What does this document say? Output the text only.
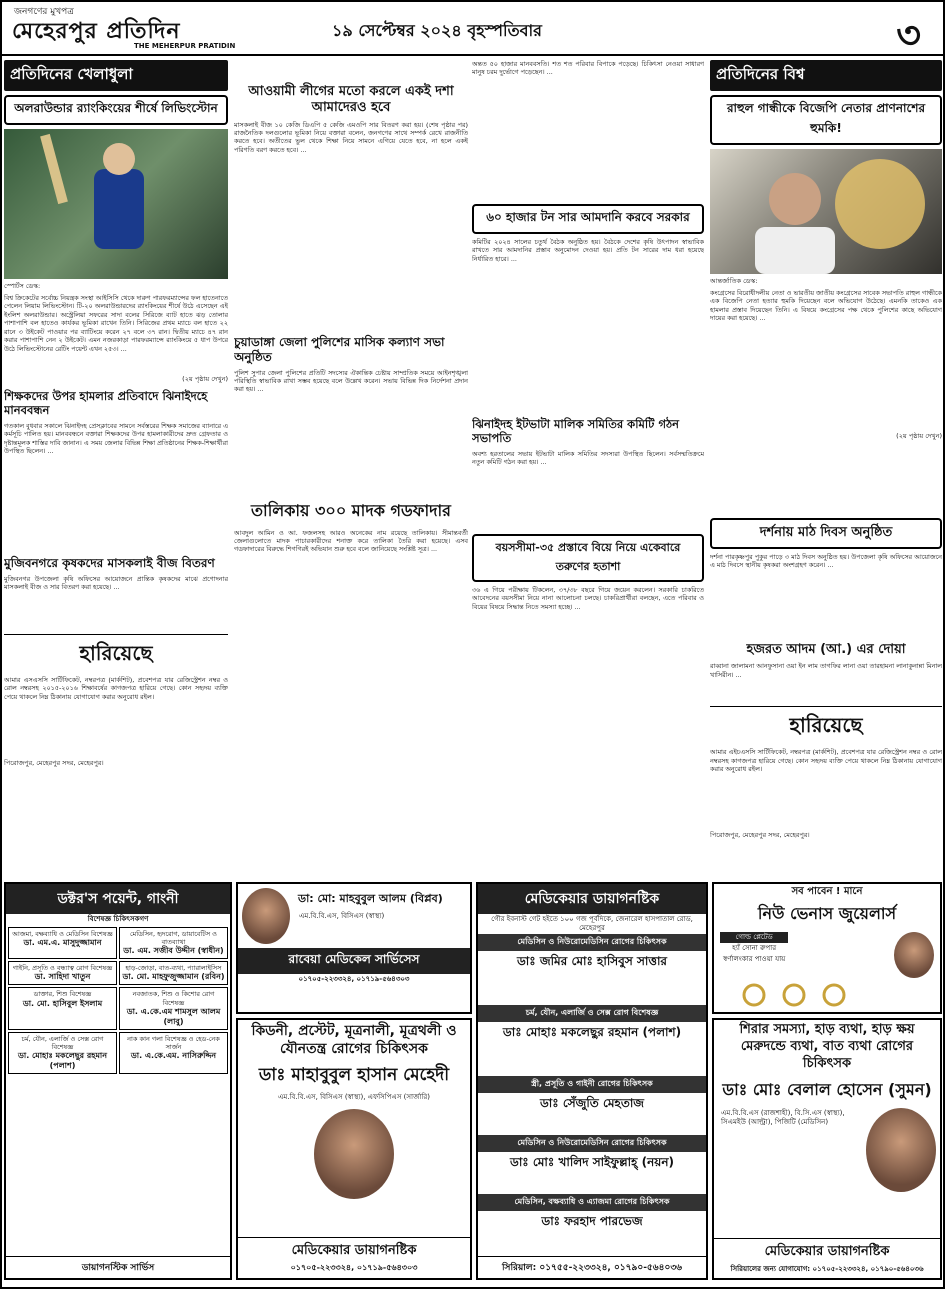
জনগণের মুখপত্র
মেহেরপুর প্রতিদিন
THE MEHERPUR PRATIDIN
১৯ সেপ্টেম্বর ২০২৪ বৃহস্পতিবার	৩
প্রতিদিনের খেলাধুলা
অলরাউন্ডার র‍্যাংকিংয়ের শীর্ষে লিভিংস্টোন
স্পোর্টস ডেস্ক:
বিশ্ব ক্রিকেটের সর্বোচ্চ নিয়ন্ত্রক সংস্থা আইসিসি থেকে দারুণ পারফরম্যান্সের ফল হাতেনাতে পেলেন লিয়াম লিভিংস্টোন। টি-২০ অলরাউন্ডারদের র‍্যাংকিংয়ের শীর্ষে উঠে এসেছেন এই ইংলিশ অলরাউন্ডার। অস্ট্রেলিয়া সফরের সাদা বলের সিরিজে ব্যাট হাতে ঝড় তোলার পাশাপাশি বল হাতেও কার্যকর ভূমিকা রাখেন তিনি। সিরিজের প্রথম ম্যাচে বল হাতে ২২ রানে ৩ উইকেট পাওয়ার পর ব্যাটিংয়ে করেন ২৭ বলে ৩৭ রান। দ্বিতীয় ম্যাচে ৪৭ রান করার পাশাপাশি নেন ২ উইকেট। এমন নজরকাড়া পারফরম্যান্সে র‍্যাংকিংয়ে ৫ ধাপ উপরে উঠে লিভিংস্টোনের রেটিং পয়েন্ট এখন ২৫৩। ...
(২য় পৃষ্ঠায় দেখুন)
শিক্ষকদের উপর হামলার প্রতিবাদে ঝিনাইদহে মানববন্ধন
গতকাল বুধবার সকালে ঝিনাইদহ প্রেসক্লাবের সামনে সর্বস্তরের শিক্ষক সমাজের ব্যানারে এ কর্মসূচি পালিত হয়। মানববন্ধনে বক্তারা শিক্ষকদের উপর হামলাকারীদের দ্রুত গ্রেফতার ও দৃষ্টান্তমূলক শাস্তির দাবি জানান। এ সময় জেলার বিভিন্ন শিক্ষা প্রতিষ্ঠানের শিক্ষক-শিক্ষার্থীরা উপস্থিত ছিলেন। ...
মুজিবনগরে কৃষকদের মাসকলাই বীজ বিতরণ
মুজিবনগর উপজেলা কৃষি অফিসের আয়োজনে প্রান্তিক কৃষকদের মাঝে প্রণোদনার মাসকলাই বীজ ও সার বিতরণ করা হয়েছে। ...
হারিয়েছে
আমার এসএসসি সার্টিফিকেট, নম্বরপত্র (মার্কশিট), প্রবেশপত্র যার রেজিস্ট্রেশন নম্বর ও রোল নম্বরসহ ২০১৫-২০১৬ শিক্ষাবর্ষের কাগজপত্র হারিয়ে গেছে। কোন সহৃদয় ব্যক্তি পেয়ে থাকলে নিম্ন ঠিকানায় যোগাযোগ করার অনুরোধ রইল।
পিরোজপুর, মেহেরপুর সদর, মেহেরপুর।
আওয়ামী লীগের মতো করলে একই দশা আমাদেরও হবে
মাসকলাই বীজ ১০ কেজি ডিএপি ৫ কেজি এমওপি সার বিতরণ করা হয়। (শেষ পৃষ্ঠার পর) রাজনৈতিক দলগুলোর ভূমিকা নিয়ে বক্তারা বলেন, জনগণের সাথে সম্পর্ক রেখে রাজনীতি করতে হবে। অতীতের ভুল থেকে শিক্ষা নিয়ে সামনে এগিয়ে যেতে হবে, না হলে একই পরিণতি বরণ করতে হবে। ...
চুয়াডাঙ্গা জেলা পুলিশের মাসিক কল্যাণ সভা অনুষ্ঠিত
পুলিশ সুপার জেলা পুলিশের প্রতিটি সদস্যের ঐকান্তিক চেষ্টায় সাম্প্রতিক সময়ে আইনশৃঙ্খলা পরিস্থিতি স্বাভাবিক রাখা সম্ভব হয়েছে বলে উল্লেখ করেন। সভায় বিভিন্ন দিক নির্দেশনা প্রদান করা হয়। ...
তালিকায় ৩০০ মাদক গডফাদার
আবদুল আমিন ও আ. ফজলসহ আরও অনেকের নাম রয়েছে তালিকায়। সীমান্তবর্তী জেলাগুলোতে মাদক পাচারকারীদের শনাক্ত করে তালিকা তৈরি করা হয়েছে। এসব গডফাদারের বিরুদ্ধে শিগগিরই অভিযান শুরু হবে বলে জানিয়েছে সংশ্লিষ্ট সূত্র। ...
অন্তত ৫০ হাজার মানববসতি। শত শত পরিবার বিপাকে পড়েছে। চিকিৎসা নেওয়া সাধারণ মানুষ চরম দুর্ভোগে পড়েছেন। ...
৬০ হাজার টন সার আমদানি করবে সরকার
কমিটির ২০২৪ সালের চতুর্থ বৈঠক অনুষ্ঠিত হয়। বৈঠকে দেশের কৃষি উৎপাদন স্বাভাবিক রাখতে সার আমদানির প্রস্তাব অনুমোদন দেওয়া হয়। প্রতি টন সারের দাম ধরা হয়েছে নির্ধারিত হারে। ...
ঝিনাইদহ ইটভাটা মালিক সমিতির কমিটি গঠন সভাপতি
অবশ্য হরতালের সভায় ইটভাটা মালিক সমিতির সদস্যরা উপস্থিত ছিলেন। সর্বসম্মতিক্রমে নতুন কমিটি গঠন করা হয়। ...
বয়সসীমা-৩৫ প্রস্তাবে বিয়ে নিয়ে একেবারে তরুণের হতাশা
৩৬ এ গিয়ে পরীক্ষায় টিকলেন, ৩৭/৩৮ বছরে গিয়ে জয়েন করলেন। সরকারি চাকরিতে আবেদনের বয়সসীমা নিয়ে নানা আলোচনা চলছে। চাকরিপ্রার্থীরা বলছেন, এতে পরিবার ও বিয়ের বিষয়ে সিদ্ধান্ত নিতে সমস্যা হচ্ছে। ...
প্রতিদিনের বিশ্ব
রাহুল গান্ধীকে বিজেপি নেতার প্রাণনাশের হুমকি!
আন্তর্জাতিক ডেস্ক:
কংগ্রেসের বিরোধীদলীয় নেতা ও ভারতীয় জাতীয় কংগ্রেসের সাবেক সভাপতি রাহুল গান্ধীকে এক বিজেপি নেতা হত্যার হুমকি দিয়েছেন বলে অভিযোগ উঠেছে। এমনকি তাকেও এক হামলার প্রস্তাব দিয়েছেন তিনি। এ বিষয়ে কংগ্রেসের পক্ষ থেকে পুলিশের কাছে অভিযোগ দায়ের করা হয়েছে। ...
(২য় পৃষ্ঠায় দেখুন)
দর্শনায় মাঠ দিবস অনুষ্ঠিত
দর্শনা পারকৃষ্ণপুর পুকুর পাড়ে ৩ মাঠ দিবস অনুষ্ঠিত হয়। উপজেলা কৃষি অফিসের আয়োজনে এ মাঠ দিবসে স্থানীয় কৃষকরা অংশগ্রহণ করেন। ...
হজরত আদম (আ.) এর দোয়া
রাব্বানা জালামনা আনফুসানা ওয়া ইন লাম তাগফির লানা ওয়া তারহামনা লানাকুনান্না মিনাল খাসিরীন। ...
হারিয়েছে
আমার এইচএসসি সার্টিফিকেট, নম্বরপত্র (মার্কশিট), প্রবেশপত্র যার রেজিস্ট্রেশন নম্বর ও রোল নম্বরসহ কাগজপত্র হারিয়ে গেছে। কোন সহৃদয় ব্যক্তি পেয়ে থাকলে নিম্ন ঠিকানায় যোগাযোগ করার অনুরোধ রইল।
পিরোজপুর, মেহেরপুর সদর, মেহেরপুর।
ডক্টর'স পয়েন্ট, গাংনী
বিশেষজ্ঞ চিকিৎসকগণ
আজমা, বক্ষব্যাধি ও মেডিসিন বিশেষজ্ঞ
ডা. এম.এ. মাসুদুজ্জামান
মেডিসিন, হৃদরোগ, ডায়াবেটিস ও বাতব্যাথা
ডা. এম. সজীব উদ্দীন (স্বাধীন)
গাইনি, প্রসূতি ও বন্ধ্যাত্ব রোগ বিশেষজ্ঞ
ডা. সাহিদা খাতুন
হাড়-জোড়া, বাত-ব্যথা, প্যারালাইসিস
ডা. মো. মাহফুজুজ্জামান (রবিন)
ডাক্তার, শিশু বিশেষজ্ঞ
ডা. মো. হাসিবুল ইসলাম
নবজাতক, শিশু ও কিশোর রোগ বিশেষজ্ঞ
ডা. এ.কে.এম শামসুল আলম (লাবু)
চর্ম, যৌন, এলার্জি ও সেক্স রোগ বিশেষজ্ঞ
ডা. মোহাঃ মকলেছুর রহমান (পলাশ)
নাক কান গলা বিশেষজ্ঞ ও হেড-নেক সার্জন
ডা. এ.কে.এম. নাসিরুদ্দিন
ডায়াগনস্টিক সার্ভিস
ডা: মো: মাহবুবুল আলম (বিপ্লব)
এম.বি.বি.এস, বিসিএস (স্বাস্থ্য)
রাবেয়া মেডিকেল সার্ভিসেস
০১৭০৫-২২৩৩২৪, ০১৭১৯-৫৬৪৩০৩
কিডনী, প্রস্টেট, মূত্রনালী, মূত্রথলী ও যৌনতন্ত্র রোগের চিকিৎসক
ডাঃ মাহাবুবুল হাসান মেহেদী
এম.বি.বি.এস, বিসিএস (স্বাস্থ্য), এফসিপিএস (সার্জারি)
মেডিকেয়ার ডায়াগনষ্টিক
০১৭০৫-২২৩৩২৪, ০১৭১৯-৫৬৪৩০৩
মেডিকেয়ার ডায়াগনষ্টিক
গৌর ইবনাস্ট গেট হইতে ১০০ গজ পূর্বদিকে, জেনারেল হাসপাতাল রোড, মেহেরপুর
মেডিসিন ও নিউরোমেডিসিন রোগের চিকিৎসক
ডাঃ জমির মোঃ হাসিবুস সাত্তার
চর্ম, যৌন, এলার্জি ও সেক্স রোগ বিশেষজ্ঞ
ডাঃ মোহাঃ মকলেছুর রহমান (পলাশ)
স্ত্রী, প্রসূতি ও গাইনী রোগের চিকিৎসক
ডাঃ সেঁজুতি মেহতাজ
মেডিসিন ও নিউরোমেডিসিন রোগের চিকিৎসক
ডাঃ মোঃ খালিদ সাইফুল্লাহ্ (নয়ন)
মেডিসিন, বক্ষব্যাধি ও এ্যাজমা রোগের চিকিৎসক
ডাঃ ফরহাদ পারভেজ
সিরিয়াল: ০১৭৫৫-২২৩৩২৪, ০১৭৯০-৫৬৪০৩৬
সব পাবেন ! মানে
নিউ ভেনাস জুয়েলার্স
গোল্ড প্লেটেড
হ্যাঁ সোনা রুপার
স্বর্ণালংকার পাওয়া যায়
শিরার সমস্যা, হাড় ব্যথা, হাড় ক্ষয় মেরুদন্ডে ব্যথা, বাত ব্যথা রোগের চিকিৎসক
ডাঃ মোঃ বেলাল হোসেন (সুমন)
এম.বি.বি.এস (রাজশাহী), বি.সি.এস (স্বাস্থ্য), সিএমইউ (আল্ট্রা), পিজিটি (মেডিসিন)
মেডিকেয়ার ডায়াগনষ্টিক
সিরিয়ালের জন্য যোগাযোগ: ০১৭০৫-২২৩৩২৪, ০১৭৯০-৫৬৪০৩৬
